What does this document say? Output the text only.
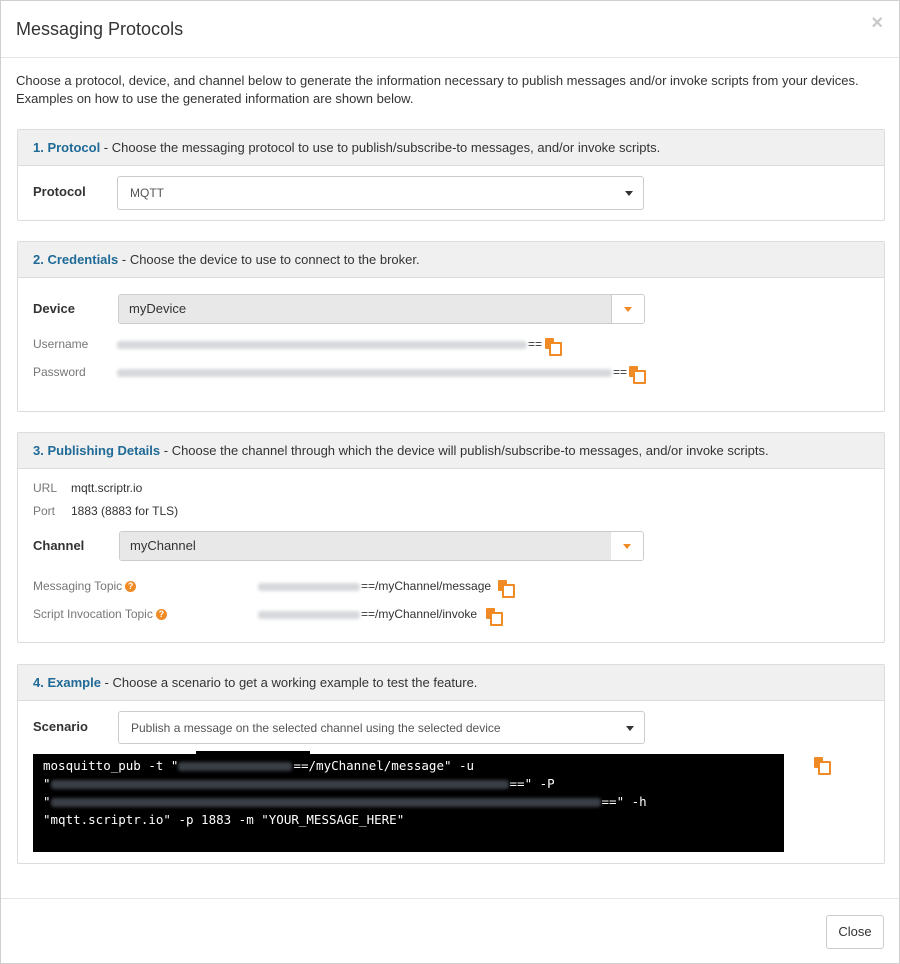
Messaging Protocols	×

Choose a protocol, device, and channel below to generate the information necessary to publish messages and/or invoke scripts from your devices. Examples on how to use the generated information are shown below.

1. Protocol - Choose the messaging protocol to use to publish/subscribe-to messages, and/or invoke scripts.
Protocol	MQTT
2. Credentials - Choose the device to use to connect to the broker.
Device	myDevice
Username	==
Password	==
3. Publishing Details - Choose the channel through which the device will publish/subscribe-to messages, and/or invoke scripts.
URL mqtt.scriptr.io
Port 1883 (8883 for TLS)
Channel	myChannel
Messaging Topic ?	==/myChannel/message
Script Invocation Topic ?	==/myChannel/invoke
4. Example - Choose a scenario to get a working example to test the feature.
Scenario	Publish a message on the selected channel using the selected device
mosquitto_pub -t "	==/myChannel/message" -u
"	==" -P
"	==" -h
"mqtt.scriptr.io" -p 1883 -m "YOUR_MESSAGE_HERE"
Close
